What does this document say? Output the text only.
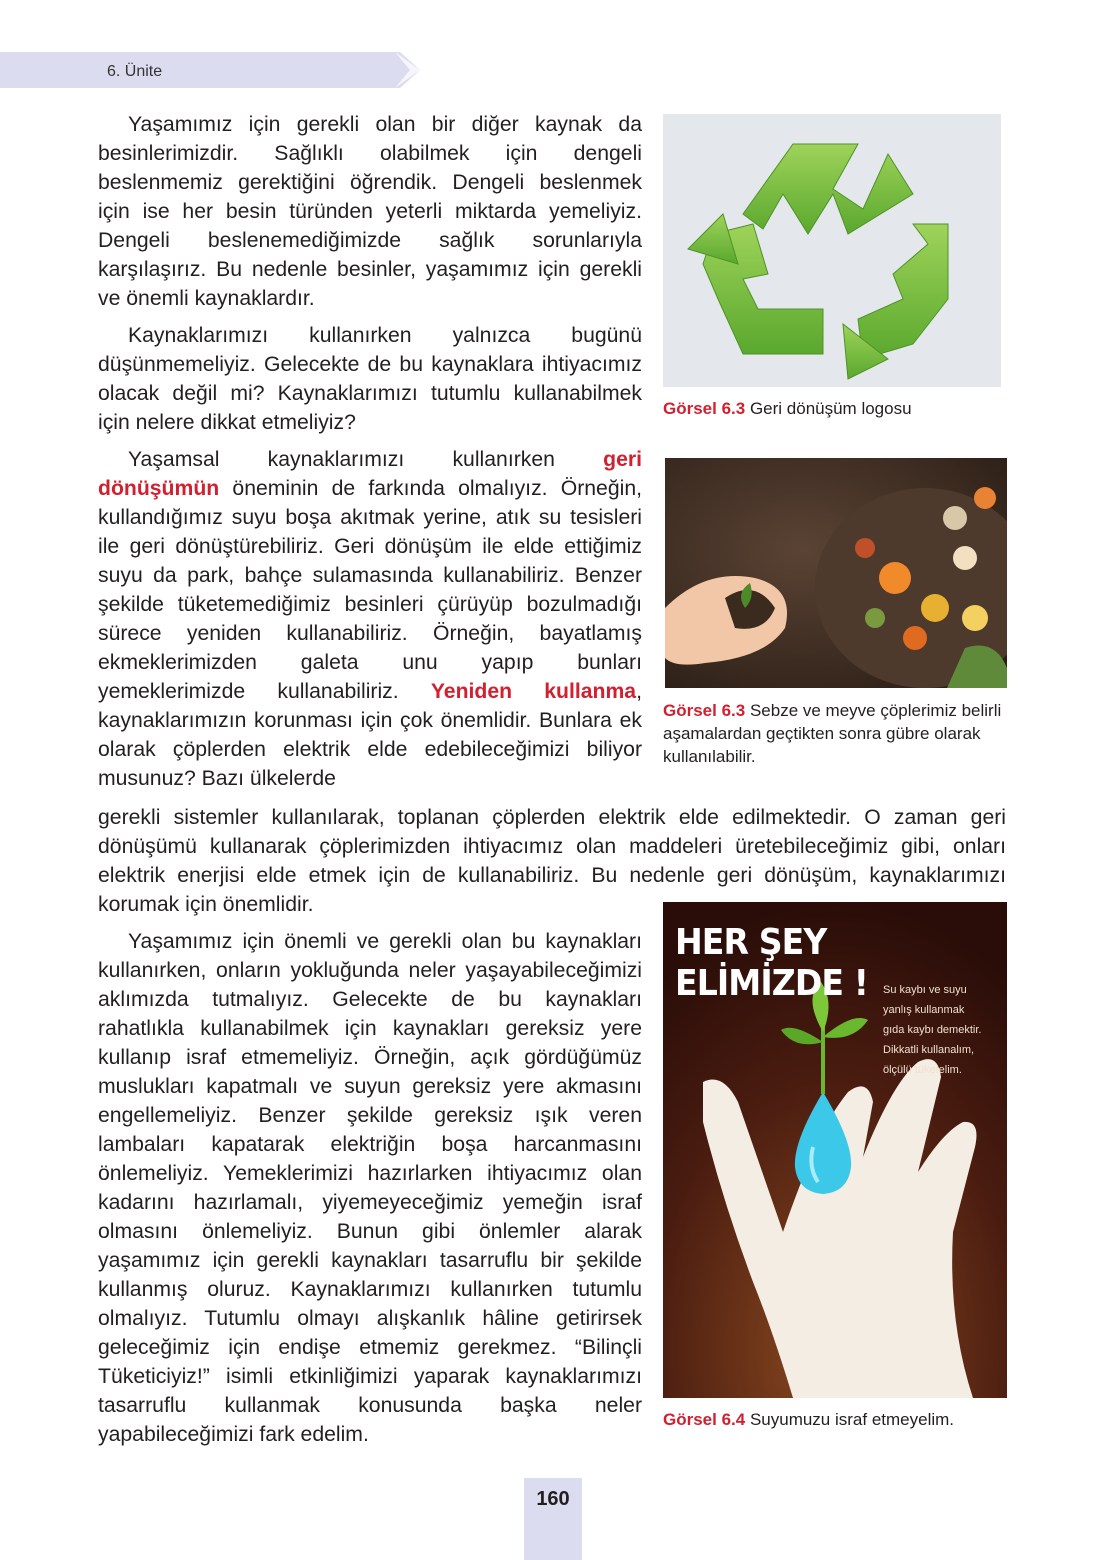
6. Ünite

Yaşamımız için gerekli olan bir diğer kaynak da besinlerimizdir. Sağlıklı olabilmek için dengeli beslenmemiz gerektiğini öğrendik. Dengeli beslenmek için ise her besin türünden yeterli miktarda yemeliyiz. Dengeli beslenemediğimizde sağlık sorunlarıyla karşılaşırız. Bu nedenle besinler, yaşamımız için gerekli ve önemli kaynaklardır.

Kaynaklarımızı kullanırken yalnızca bugünü düşünmemeliyiz. Gelecekte de bu kaynaklara ihtiyacımız olacak değil mi? Kaynaklarımızı tutumlu kullanabilmek için nelere dikkat etmeliyiz?

Yaşamsal kaynaklarımızı kullanırken geri dönüşümün öneminin de farkında olmalıyız. Örneğin, kullandığımız suyu boşa akıtmak yerine, atık su tesisleri ile geri dönüştürebiliriz. Geri dönüşüm ile elde ettiğimiz suyu da park, bahçe sulamasında kullanabiliriz. Benzer şekilde tüketemediğimiz besinleri çürüyüp bozulmadığı sürece yeniden kullanabiliriz. Örneğin, bayatlamış ekmeklerimizden galeta unu yapıp bunları yemeklerimizde kullanabiliriz. Yeniden kullanma, kaynaklarımızın korunması için çok önemlidir. Bunlara ek olarak çöplerden elektrik elde edebileceğimizi biliyor musunuz? Bazı ülkelerde

gerekli sistemler kullanılarak, toplanan çöplerden elektrik elde edilmektedir. O zaman geri dönüşümü kullanarak çöplerimizden ihtiyacımız olan maddeleri üretebileceğimiz gibi, onları elektrik enerjisi elde etmek için de kullanabiliriz. Bu nedenle geri dönüşüm, kaynaklarımızı korumak için önemlidir.

Yaşamımız için önemli ve gerekli olan bu kaynakları kullanırken, onların yokluğunda neler yaşayabileceğimizi aklımızda tutmalıyız. Gelecekte de bu kaynakları rahatlıkla kullanabilmek için kaynakları gereksiz yere kullanıp israf etmemeliyiz. Örneğin, açık gördüğümüz muslukları kapatmalı ve suyun gereksiz yere akmasını engellemeliyiz. Benzer şekilde gereksiz ışık veren lambaları kapatarak elektriğin boşa harcanmasını önlemeliyiz. Yemeklerimizi hazırlarken ihtiyacımız olan kadarını hazırlamalı, yiyemeyeceğimiz yemeğin israf olmasını önlemeliyiz. Bunun gibi önlemler alarak yaşamımız için gerekli kaynakları tasarruflu bir şekilde kullanmış oluruz. Kaynaklarımızı kullanırken tutumlu olmalıyız. Tutumlu olmayı alışkanlık hâline getirirsek geleceğimiz için endişe etmemiz gerekmez. “Bilinçli Tüketiciyiz!” isimli etkinliğimizi yaparak kaynaklarımızı tasarruflu kullanmak konusunda başka neler yapabileceğimizi fark edelim.

Görsel 6.3 Geri dönüşüm logosu
Görsel 6.3 Sebze ve meyve çöplerimiz belirli aşamalardan geçtikten sonra gübre olarak kullanılabilir.
HER ŞEY ELİMİZDE !	Su kaybı ve suyu
yanlış kullanmak
gıda kaybı demektir.
Dikkatli kullanalım,
ölçülü tüketelim.
Görsel 6.4 Suyumuzu israf etmeyelim.
160
